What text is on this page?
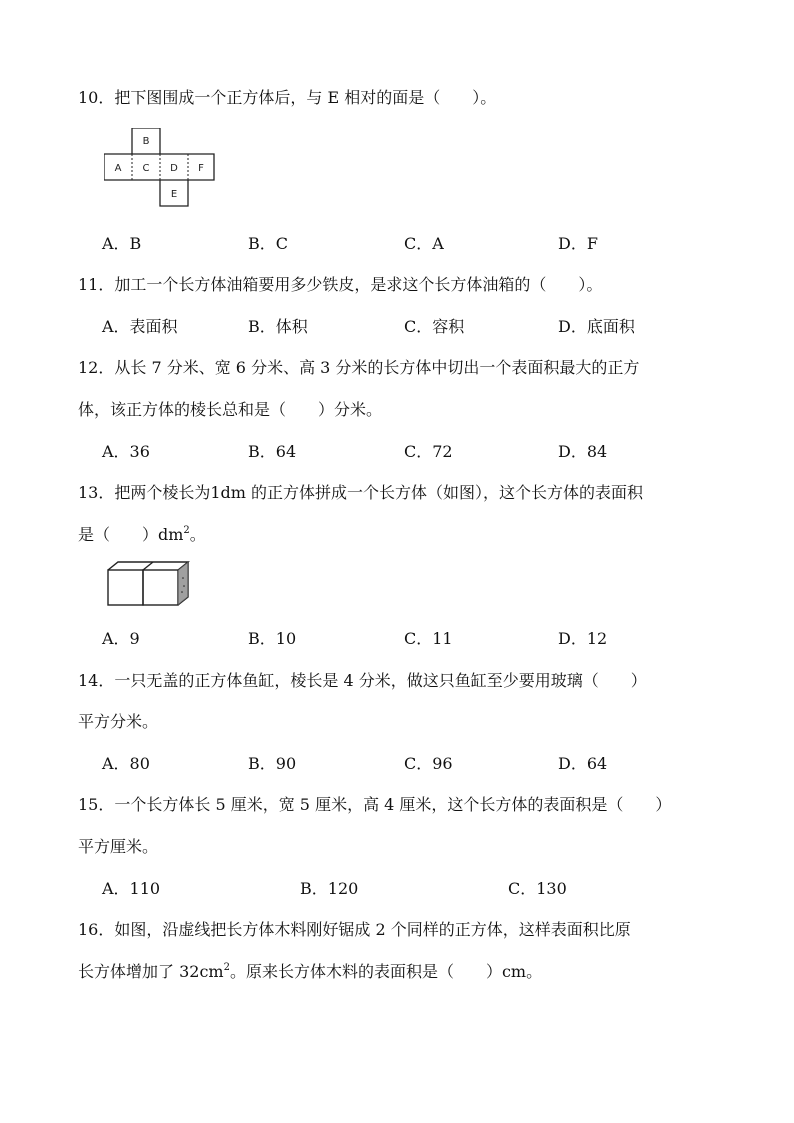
10．把下图围成一个正方体后，与 E 相对的面是（　　）。
A
B
C D
E
F
A．B	B．C	C．A	D．F
11．加工一个长方体油箱要用多少铁皮，是求这个长方体油箱的（　　）。
A．表面积	B．体积	C．容积	D．底面积
12．从长 7 分米、宽 6 分米、高 3 分米的长方体中切出一个表面积最大的正方
体，该正方体的棱长总和是（　　）分米。
A．36	B．64	C．72	D．84
13．把两个棱长为1dm 的正方体拼成一个长方体（如图），这个长方体的表面积
是（　　）$dm^2$。
A．9	B．10	C．11	D．12
14．一只无盖的正方体鱼缸，棱长是 4 分米，做这只鱼缸至少要用玻璃（　　）
平方分米。
A．80	B．90	C．96	D．64
15．一个长方体长 5 厘米，宽 5 厘米，高 4 厘米，这个长方体的表面积是（　　）
平方厘米。
A．110	B．120	C．130
16．如图，沿虚线把长方体木料刚好锯成 2 个同样的正方体，这样表面积比原
长方体增加了 $32cm^2$。原来长方体木料的表面积是（　　）cm。
